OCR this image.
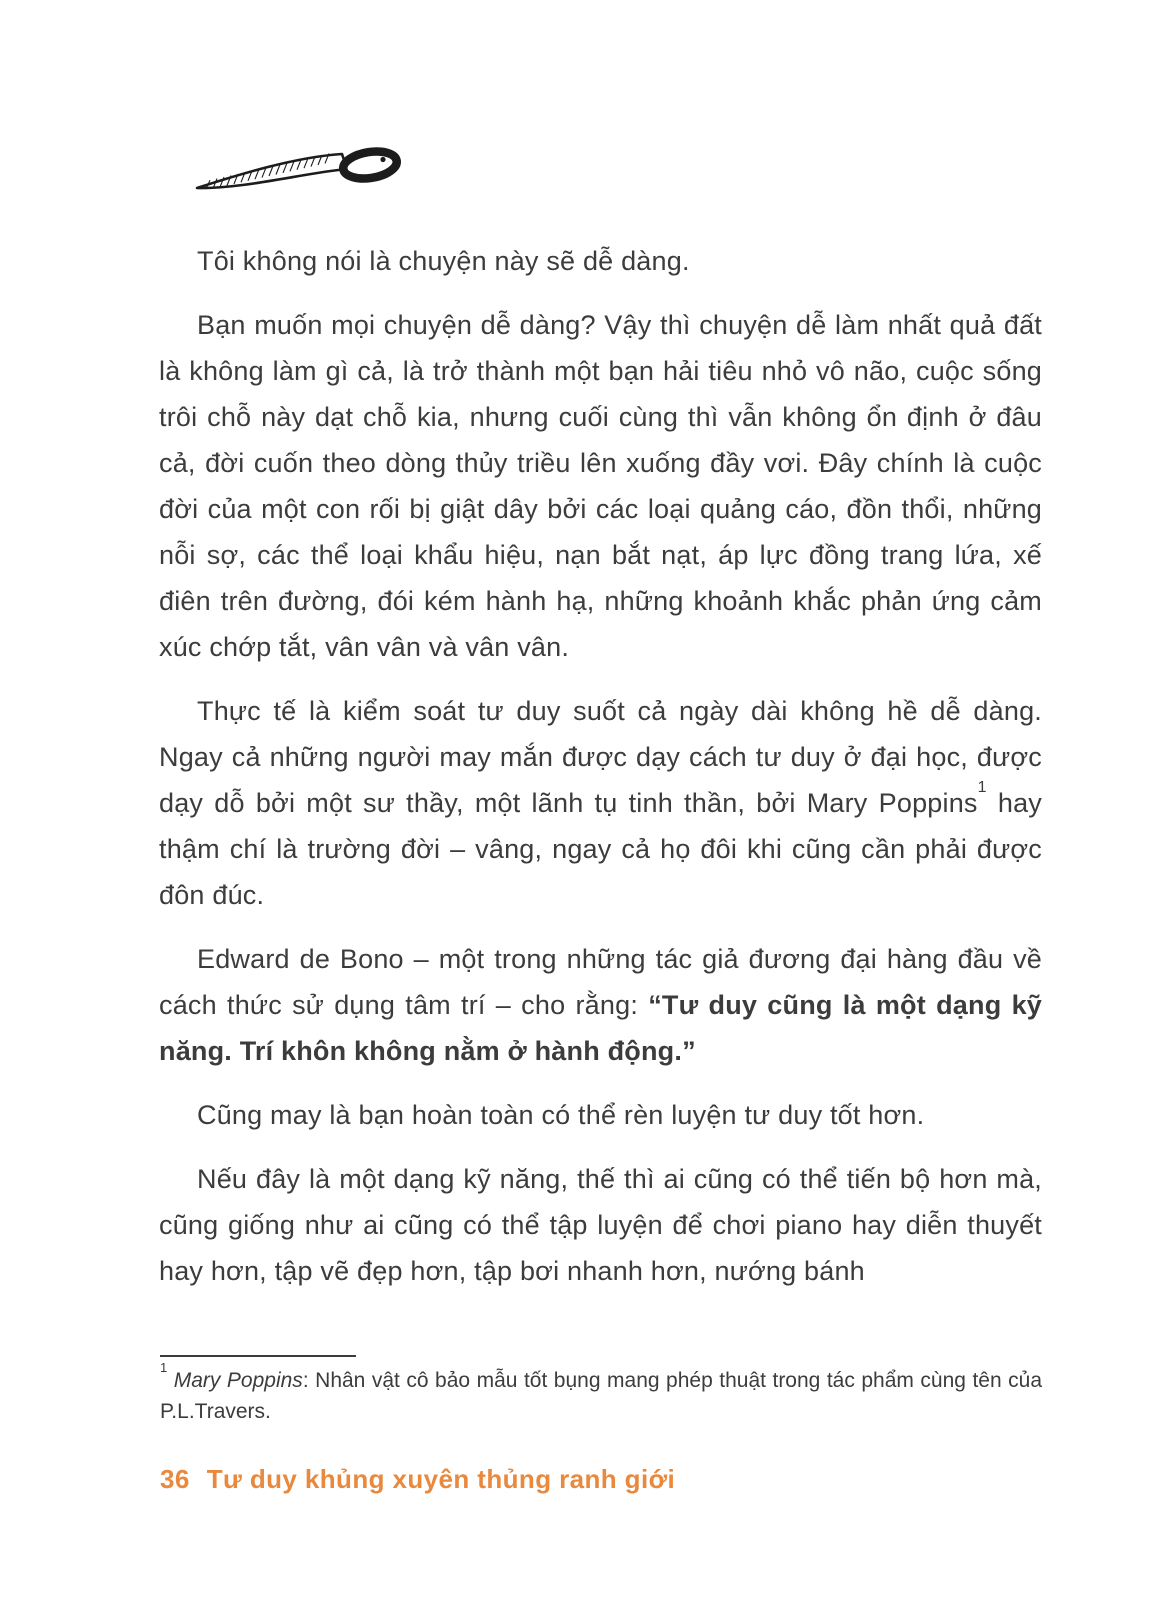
Tôi không nói là chuyện này sẽ dễ dàng.

Bạn muốn mọi chuyện dễ dàng? Vậy thì chuyện dễ làm nhất quả đất là không làm gì cả, là trở thành một bạn hải tiêu nhỏ vô não, cuộc sống trôi chỗ này dạt chỗ kia, nhưng cuối cùng thì vẫn không ổn định ở đâu cả, đời cuốn theo dòng thủy triều lên xuống đầy vơi. Đây chính là cuộc đời của một con rối bị giật dây bởi các loại quảng cáo, đồn thổi, những nỗi sợ, các thể loại khẩu hiệu, nạn bắt nạt, áp lực đồng trang lứa, xế điên trên đường, đói kém hành hạ, những khoảnh khắc phản ứng cảm xúc chớp tắt, vân vân và vân vân.

Thực tế là kiểm soát tư duy suốt cả ngày dài không hề dễ dàng. Ngay cả những người may mắn được dạy cách tư duy ở đại học, được dạy dỗ bởi một sư thầy, một lãnh tụ tinh thần, bởi Mary Poppins$^1$ hay thậm chí là trường đời – vâng, ngay cả họ đôi khi cũng cần phải được đôn đúc.

Edward de Bono – một trong những tác giả đương đại hàng đầu về cách thức sử dụng tâm trí – cho rằng: “Tư duy cũng là một dạng kỹ năng. Trí khôn không nằm ở hành động.”

Cũng may là bạn hoàn toàn có thể rèn luyện tư duy tốt hơn.

Nếu đây là một dạng kỹ năng, thế thì ai cũng có thể tiến bộ hơn mà, cũng giống như ai cũng có thể tập luyện để chơi piano hay diễn thuyết hay hơn, tập vẽ đẹp hơn, tập bơi nhanh hơn, nướng bánh

$^1$ Mary Poppins: Nhân vật cô bảo mẫu tốt bụng mang phép thuật trong tác phẩm cùng tên của P.L.Travers.

36 Tư duy khủng xuyên thủng ranh giới
